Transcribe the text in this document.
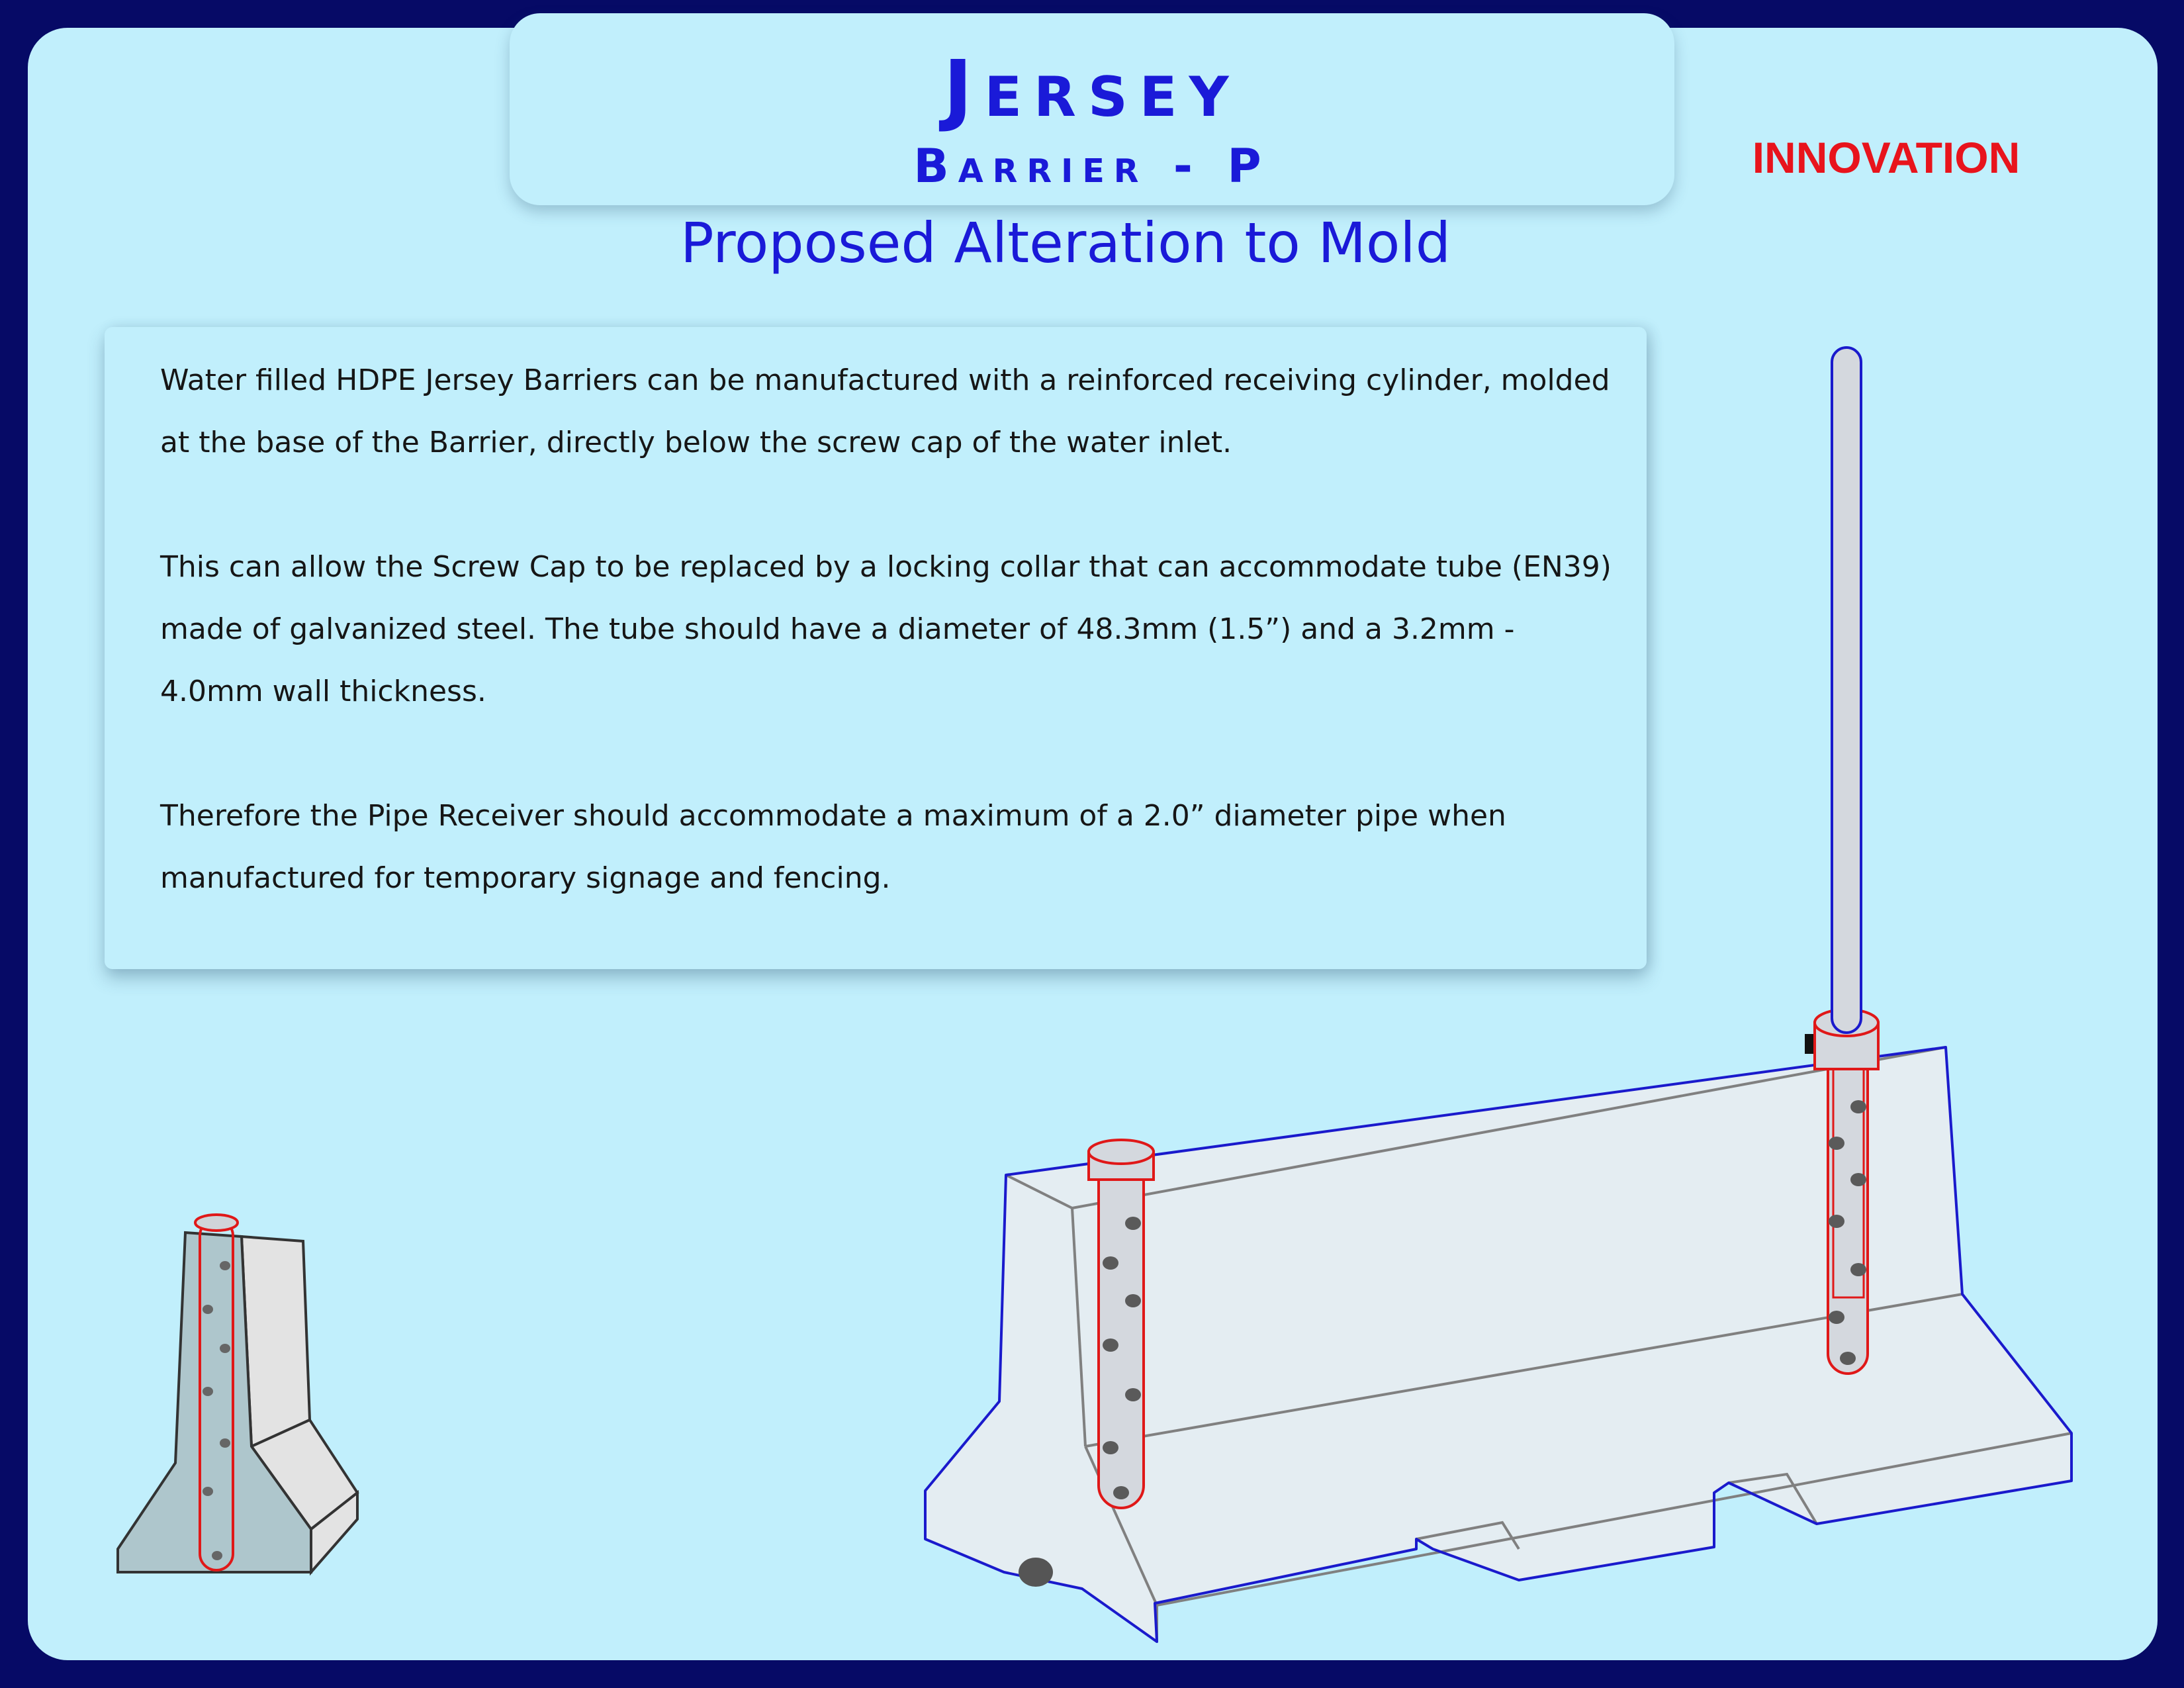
Jersey
Barrier - P	INNOVATION
Proposed Alteration to Mold

Water filled HDPE Jersey Barriers can be manufactured with a reinforced receiving cylinder, molded at the base of the Barrier, directly below the screw cap of the water inlet.

This can allow the Screw Cap to be replaced by a locking collar that can accommodate tube (EN39) made of galvanized steel. The tube should have a diameter of 48.3mm (1.5”) and a 3.2mm - 4.0mm wall thickness.

Therefore the Pipe Receiver should accommodate a maximum of a 2.0” diameter pipe when manufactured for temporary signage and fencing.
